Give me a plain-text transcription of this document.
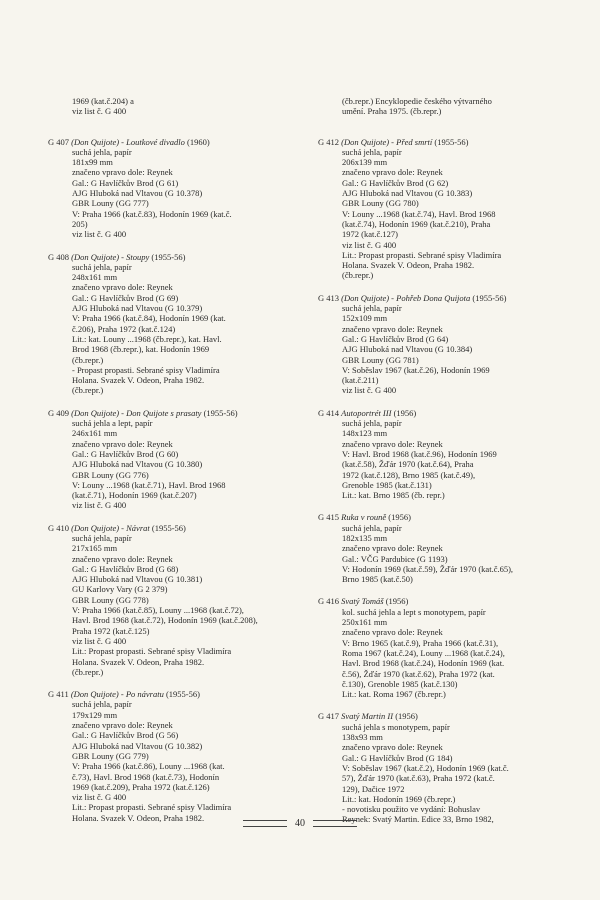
1969 (kat.č.204) a
viz list č. G 400
G 407 (Don Quijote) - Loutkové divadlo (1960)
suchá jehla, papír
181x99 mm
značeno vpravo dole: Reynek
Gal.: G Havlíčkův Brod (G 61)
AJG Hluboká nad Vltavou (G 10.378)
GBR Louny (GG 777)
V: Praha 1966 (kat.č.83), Hodonín 1969 (kat.č.
205)
viz list č. G 400
G 408 (Don Quijote) - Stoupy (1955-56)
suchá jehla, papír
248x161 mm
značeno vpravo dole: Reynek
Gal.: G Havlíčkův Brod (G 69)
AJG Hluboká nad Vltavou (G 10.379)
V: Praha 1966 (kat.č.84), Hodonín 1969 (kat.
č.206), Praha 1972 (kat.č.124)
Lit.: kat. Louny ...1968 (čb.repr.), kat. Havl.
Brod 1968 (čb.repr.), kat. Hodonín 1969
(čb.repr.)
- Propast propasti. Sebrané spisy Vladimíra
Holana. Svazek V. Odeon, Praha 1982.
(čb.repr.)
G 409 (Don Quijote) - Don Quijote s prasaty (1955-56)
suchá jehla a lept, papír
246x161 mm
značeno vpravo dole: Reynek
Gal.: G Havlíčkův Brod (G 60)
AJG Hluboká nad Vltavou (G 10.380)
GBR Louny (GG 776)
V: Louny ...1968 (kat.č.71), Havl. Brod 1968
(kat.č.71), Hodonín 1969 (kat.č.207)
viz list č. G 400
G 410 (Don Quijote) - Návrat (1955-56)
suchá jehla, papír
217x165 mm
značeno vpravo dole: Reynek
Gal.: G Havlíčkův Brod (G 68)
AJG Hluboká nad Vltavou (G 10.381)
GU Karlovy Vary (G 2 379)
GBR Louny (GG 778)
V: Praha 1966 (kat.č.85), Louny ...1968 (kat.č.72),
Havl. Brod 1968 (kat.č.72), Hodonín 1969 (kat.č.208),
Praha 1972 (kat.č.125)
viz list č. G 400
Lit.: Propast propasti. Sebrané spisy Vladimíra
Holana. Svazek V. Odeon, Praha 1982.
(čb.repr.)
G 411 (Don Quijote) - Po návratu (1955-56)
suchá jehla, papír
179x129 mm
značeno vpravo dole: Reynek
Gal.: G Havlíčkův Brod (G 56)
AJG Hluboká nad Vltavou (G 10.382)
GBR Louny (GG 779)
V: Praha 1966 (kat.č.86), Louny ...1968 (kat.
č.73), Havl. Brod 1968 (kat.č.73), Hodonín
1969 (kat.č.209), Praha 1972 (kat.č.126)
viz list č. G 400
Lit.: Propast propasti. Sebrané spisy Vladimíra
Holana. Svazek V. Odeon, Praha 1982.
(čb.repr.) Encyklopedie českého výtvarného
umění. Praha 1975. (čb.repr.)
G 412 (Don Quijote) - Před smrtí (1955-56)
suchá jehla, papír
206x139 mm
značeno vpravo dole: Reynek
Gal.: G Havlíčkův Brod (G 62)
AJG Hluboká nad Vltavou (G 10.383)
GBR Louny (GG 780)
V: Louny ...1968 (kat.č.74), Havl. Brod 1968
(kat.č.74), Hodonín 1969 (kat.č.210), Praha
1972 (kat.č.127)
viz list č. G 400
Lit.: Propast propasti. Sebrané spisy Vladimíra
Holana. Svazek V. Odeon, Praha 1982.
(čb.repr.)
G 413 (Don Quijote) - Pohřeb Dona Quijota (1955-56)
suchá jehla, papír
152x109 mm
značeno vpravo dole: Reynek
Gal.: G Havlíčkův Brod (G 64)
AJG Hluboká nad Vltavou (G 10.384)
GBR Louny (GG 781)
V: Soběslav 1967 (kat.č.26), Hodonín 1969
(kat.č.211)
viz list č. G 400
G 414 Autoportrét III (1956)
suchá jehla, papír
148x123 mm
značeno vpravo dole: Reynek
V: Havl. Brod 1968 (kat.č.96), Hodonín 1969
(kat.č.58), Žďár 1970 (kat.č.64), Praha
1972 (kat.č.128), Brno 1985 (kat.č.49),
Grenoble 1985 (kat.č.131)
Lit.: kat. Brno 1985 (čb. repr.)
G 415 Ruka v rouně (1956)
suchá jehla, papír
182x135 mm
značeno vpravo dole: Reynek
Gal.: VČG Pardubice (G 1193)
V: Hodonín 1969 (kat.č.59), Žďár 1970 (kat.č.65),
Brno 1985 (kat.č.50)
G 416 Svatý Tomáš (1956)
kol. suchá jehla a lept s monotypem, papír
250x161 mm
značeno vpravo dole: Reynek
V: Brno 1965 (kat.č.9), Praha 1966 (kat.č.31),
Roma 1967 (kat.č.24), Louny ...1968 (kat.č.24),
Havl. Brod 1968 (kat.č.24), Hodonín 1969 (kat.
č.56), Žďár 1970 (kat.č.62), Praha 1972 (kat.
č.130), Grenoble 1985 (kat.č.130)
Lit.: kat. Roma 1967 (čb.repr.)
G 417 Svatý Martin II (1956)
suchá jehla s monotypem, papír
138x93 mm
značeno vpravo dole: Reynek
Gal.: G Havlíčkův Brod (G 184)
V: Soběslav 1967 (kat.č.2), Hodonín 1969 (kat.č.
57), Žďár 1970 (kat.č.63), Praha 1972 (kat.č.
129), Dačice 1972
Lit.: kat. Hodonín 1969 (čb.repr.)
- novotisku použito ve vydání: Bohuslav
Reynek: Svatý Martin. Edice 33, Brno 1982,
40
